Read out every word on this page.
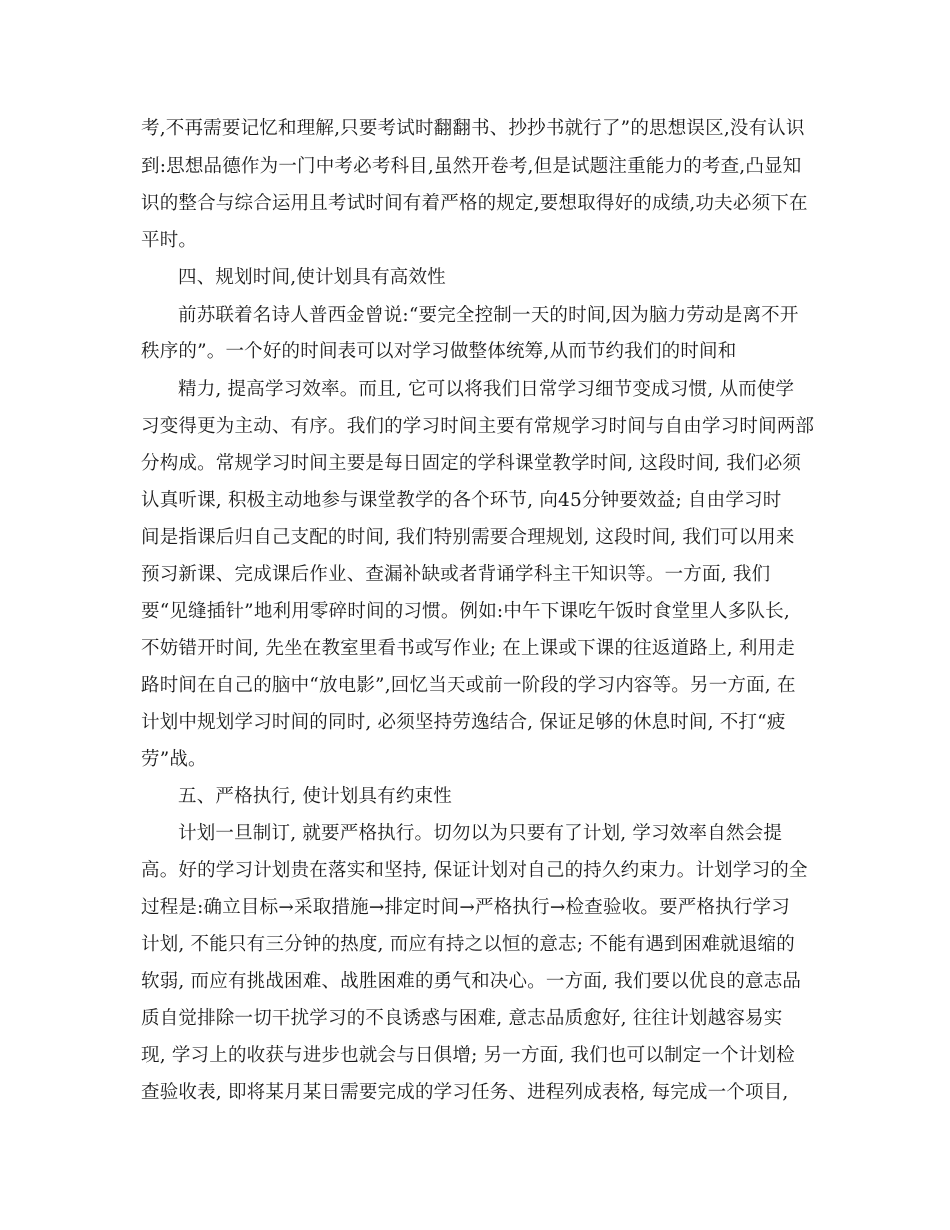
考,不再需要记忆和理解,只要考试时翻翻书、抄抄书就行了”的思想误区,没有认识
到:思想品德作为一门中考必考科目,虽然开卷考,但是试题注重能力的考查,凸显知
识的整合与综合运用且考试时间有着严格的规定,要想取得好的成绩,功夫必须下在
平时。
四、规划时间,使计划具有高效性
前苏联着名诗人普西金曾说:“要完全控制一天的时间,因为脑力劳动是离不开
秩序的”。一个好的时间表可以对学习做整体统筹,从而节约我们的时间和
精力, 提高学习效率。而且, 它可以将我们日常学习细节变成习惯, 从而使学
习变得更为主动、有序。我们的学习时间主要有常规学习时间与自由学习时间两部
分构成。常规学习时间主要是每日固定的学科课堂教学时间, 这段时间, 我们必须
认真听课, 积极主动地参与课堂教学的各个环节, 向45分钟要效益; 自由学习时
间是指课后归自己支配的时间, 我们特别需要合理规划, 这段时间, 我们可以用来
预习新课、完成课后作业、查漏补缺或者背诵学科主干知识等。一方面, 我们
要“见缝插针”地利用零碎时间的习惯。例如:中午下课吃午饭时食堂里人多队长,
不妨错开时间, 先坐在教室里看书或写作业; 在上课或下课的往返道路上, 利用走
路时间在自己的脑中“放电影”,回忆当天或前一阶段的学习内容等。另一方面, 在
计划中规划学习时间的同时, 必须坚持劳逸结合, 保证足够的休息时间, 不打“疲
劳”战。
五、严格执行, 使计划具有约束性
计划一旦制订, 就要严格执行。切勿以为只要有了计划, 学习效率自然会提
高。好的学习计划贵在落实和坚持, 保证计划对自己的持久约束力。计划学习的全
过程是:确立目标→采取措施→排定时间→严格执行→检查验收。要严格执行学习
计划, 不能只有三分钟的热度, 而应有持之以恒的意志; 不能有遇到困难就退缩的
软弱, 而应有挑战困难、战胜困难的勇气和决心。一方面, 我们要以优良的意志品
质自觉排除一切干扰学习的不良诱惑与困难, 意志品质愈好, 往往计划越容易实
现, 学习上的收获与进步也就会与日俱增; 另一方面, 我们也可以制定一个计划检
查验收表, 即将某月某日需要完成的学习任务、进程列成表格, 每完成一个项目,
